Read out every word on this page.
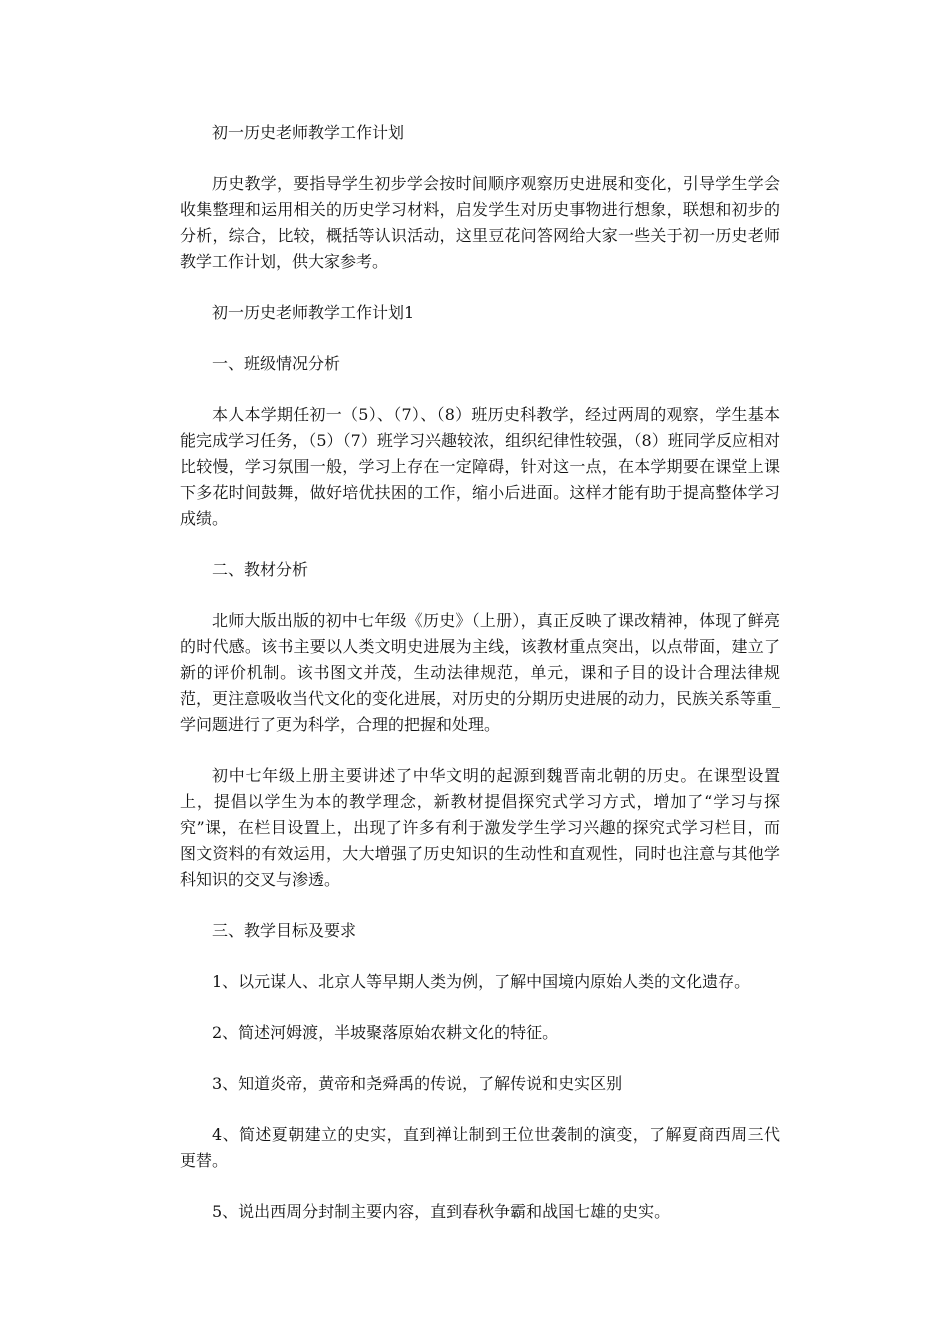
初一历史老师教学工作计划

历史教学，要指导学生初步学会按时间顺序观察历史进展和变化，引导学生学会收集整理和运用相关的历史学习材料，启发学生对历史事物进行想象，联想和初步的分析，综合，比较，概括等认识活动，这里豆花问答网给大家一些关于初一历史老师教学工作计划，供大家参考。

初一历史老师教学工作计划1

一、班级情况分析

本人本学期任初一（5）、（7）、（8）班历史科教学，经过两周的观察，学生基本能完成学习任务，（5）（7）班学习兴趣较浓，组织纪律性较强，（8）班同学反应相对比较慢，学习氛围一般，学习上存在一定障碍，针对这一点，在本学期要在课堂上课下多花时间鼓舞，做好培优扶困的工作，缩小后进面。这样才能有助于提高整体学习成绩。

二、教材分析

北师大版出版的初中七年级《历史》（上册），真正反映了课改精神，体现了鲜亮的时代感。该书主要以人类文明史进展为主线，该教材重点突出，以点带面，建立了新的评价机制。该书图文并茂，生动法律规范，单元，课和子目的设计合理法律规范，更注意吸收当代文化的变化进展，对历史的分期历史进展的动力，民族关系等重_学问题进行了更为科学，合理的把握和处理。

初中七年级上册主要讲述了中华文明的起源到魏晋南北朝的历史。在课型设置上，提倡以学生为本的教学理念，新教材提倡探究式学习方式，增加了“学习与探究”课，在栏目设置上，出现了许多有利于激发学生学习兴趣的探究式学习栏目，而图文资料的有效运用，大大增强了历史知识的生动性和直观性，同时也注意与其他学科知识的交叉与渗透。

三、教学目标及要求

1、以元谋人、北京人等早期人类为例，了解中国境内原始人类的文化遗存。

2、简述河姆渡，半坡聚落原始农耕文化的特征。

3、知道炎帝，黄帝和尧舜禹的传说，了解传说和史实区别

4、简述夏朝建立的史实，直到禅让制到王位世袭制的演变，了解夏商西周三代更替。

5、说出西周分封制主要内容，直到春秋争霸和战国七雄的史实。
